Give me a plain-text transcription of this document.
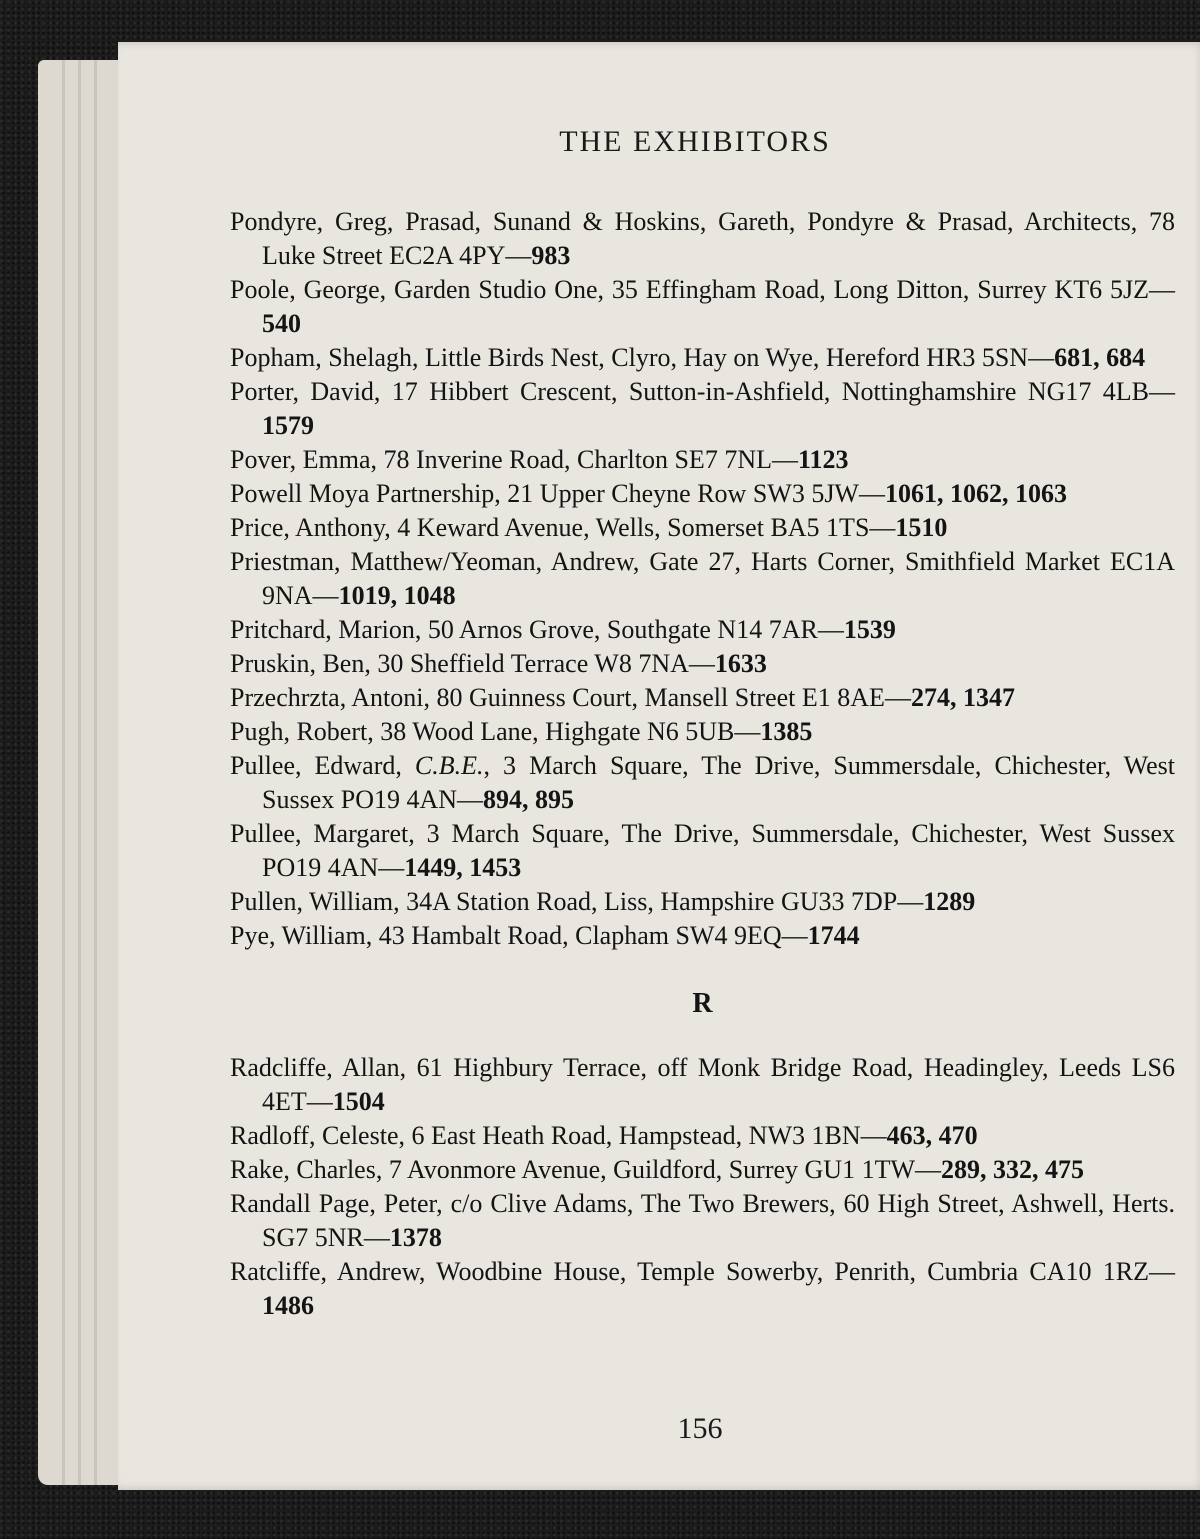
THE EXHIBITORS

Pondyre, Greg, Prasad, Sunand & Hoskins, Gareth, Pondyre & Prasad, Architects, 78 Luke Street EC2A 4PY—983

Poole, George, Garden Studio One, 35 Effingham Road, Long Ditton, Surrey KT6 5JZ—540

Popham, Shelagh, Little Birds Nest, Clyro, Hay on Wye, Hereford HR3 5SN—681, 684

Porter, David, 17 Hibbert Crescent, Sutton-in-Ashfield, Nottinghamshire NG17 4LB—1579

Pover, Emma, 78 Inverine Road, Charlton SE7 7NL—1123

Powell Moya Partnership, 21 Upper Cheyne Row SW3 5JW—1061, 1062, 1063

Price, Anthony, 4 Keward Avenue, Wells, Somerset BA5 1TS—1510

Priestman, Matthew/Yeoman, Andrew, Gate 27, Harts Corner, Smithfield Market EC1A 9NA—1019, 1048

Pritchard, Marion, 50 Arnos Grove, Southgate N14 7AR—1539

Pruskin, Ben, 30 Sheffield Terrace W8 7NA—1633

Przechrzta, Antoni, 80 Guinness Court, Mansell Street E1 8AE—274, 1347

Pugh, Robert, 38 Wood Lane, Highgate N6 5UB—1385

Pullee, Edward, C.B.E., 3 March Square, The Drive, Summersdale, Chichester, West Sussex PO19 4AN—894, 895

Pullee, Margaret, 3 March Square, The Drive, Summersdale, Chichester, West Sussex PO19 4AN—1449, 1453

Pullen, William, 34A Station Road, Liss, Hampshire GU33 7DP—1289

Pye, William, 43 Hambalt Road, Clapham SW4 9EQ—1744

R

Radcliffe, Allan, 61 Highbury Terrace, off Monk Bridge Road, Headingley, Leeds LS6 4ET—1504

Radloff, Celeste, 6 East Heath Road, Hampstead, NW3 1BN—463, 470

Rake, Charles, 7 Avonmore Avenue, Guildford, Surrey GU1 1TW—289, 332, 475

Randall Page, Peter, c/o Clive Adams, The Two Brewers, 60 High Street, Ashwell, Herts. SG7 5NR—1378

Ratcliffe, Andrew, Woodbine House, Temple Sowerby, Penrith, Cumbria CA10 1RZ—1486

156
